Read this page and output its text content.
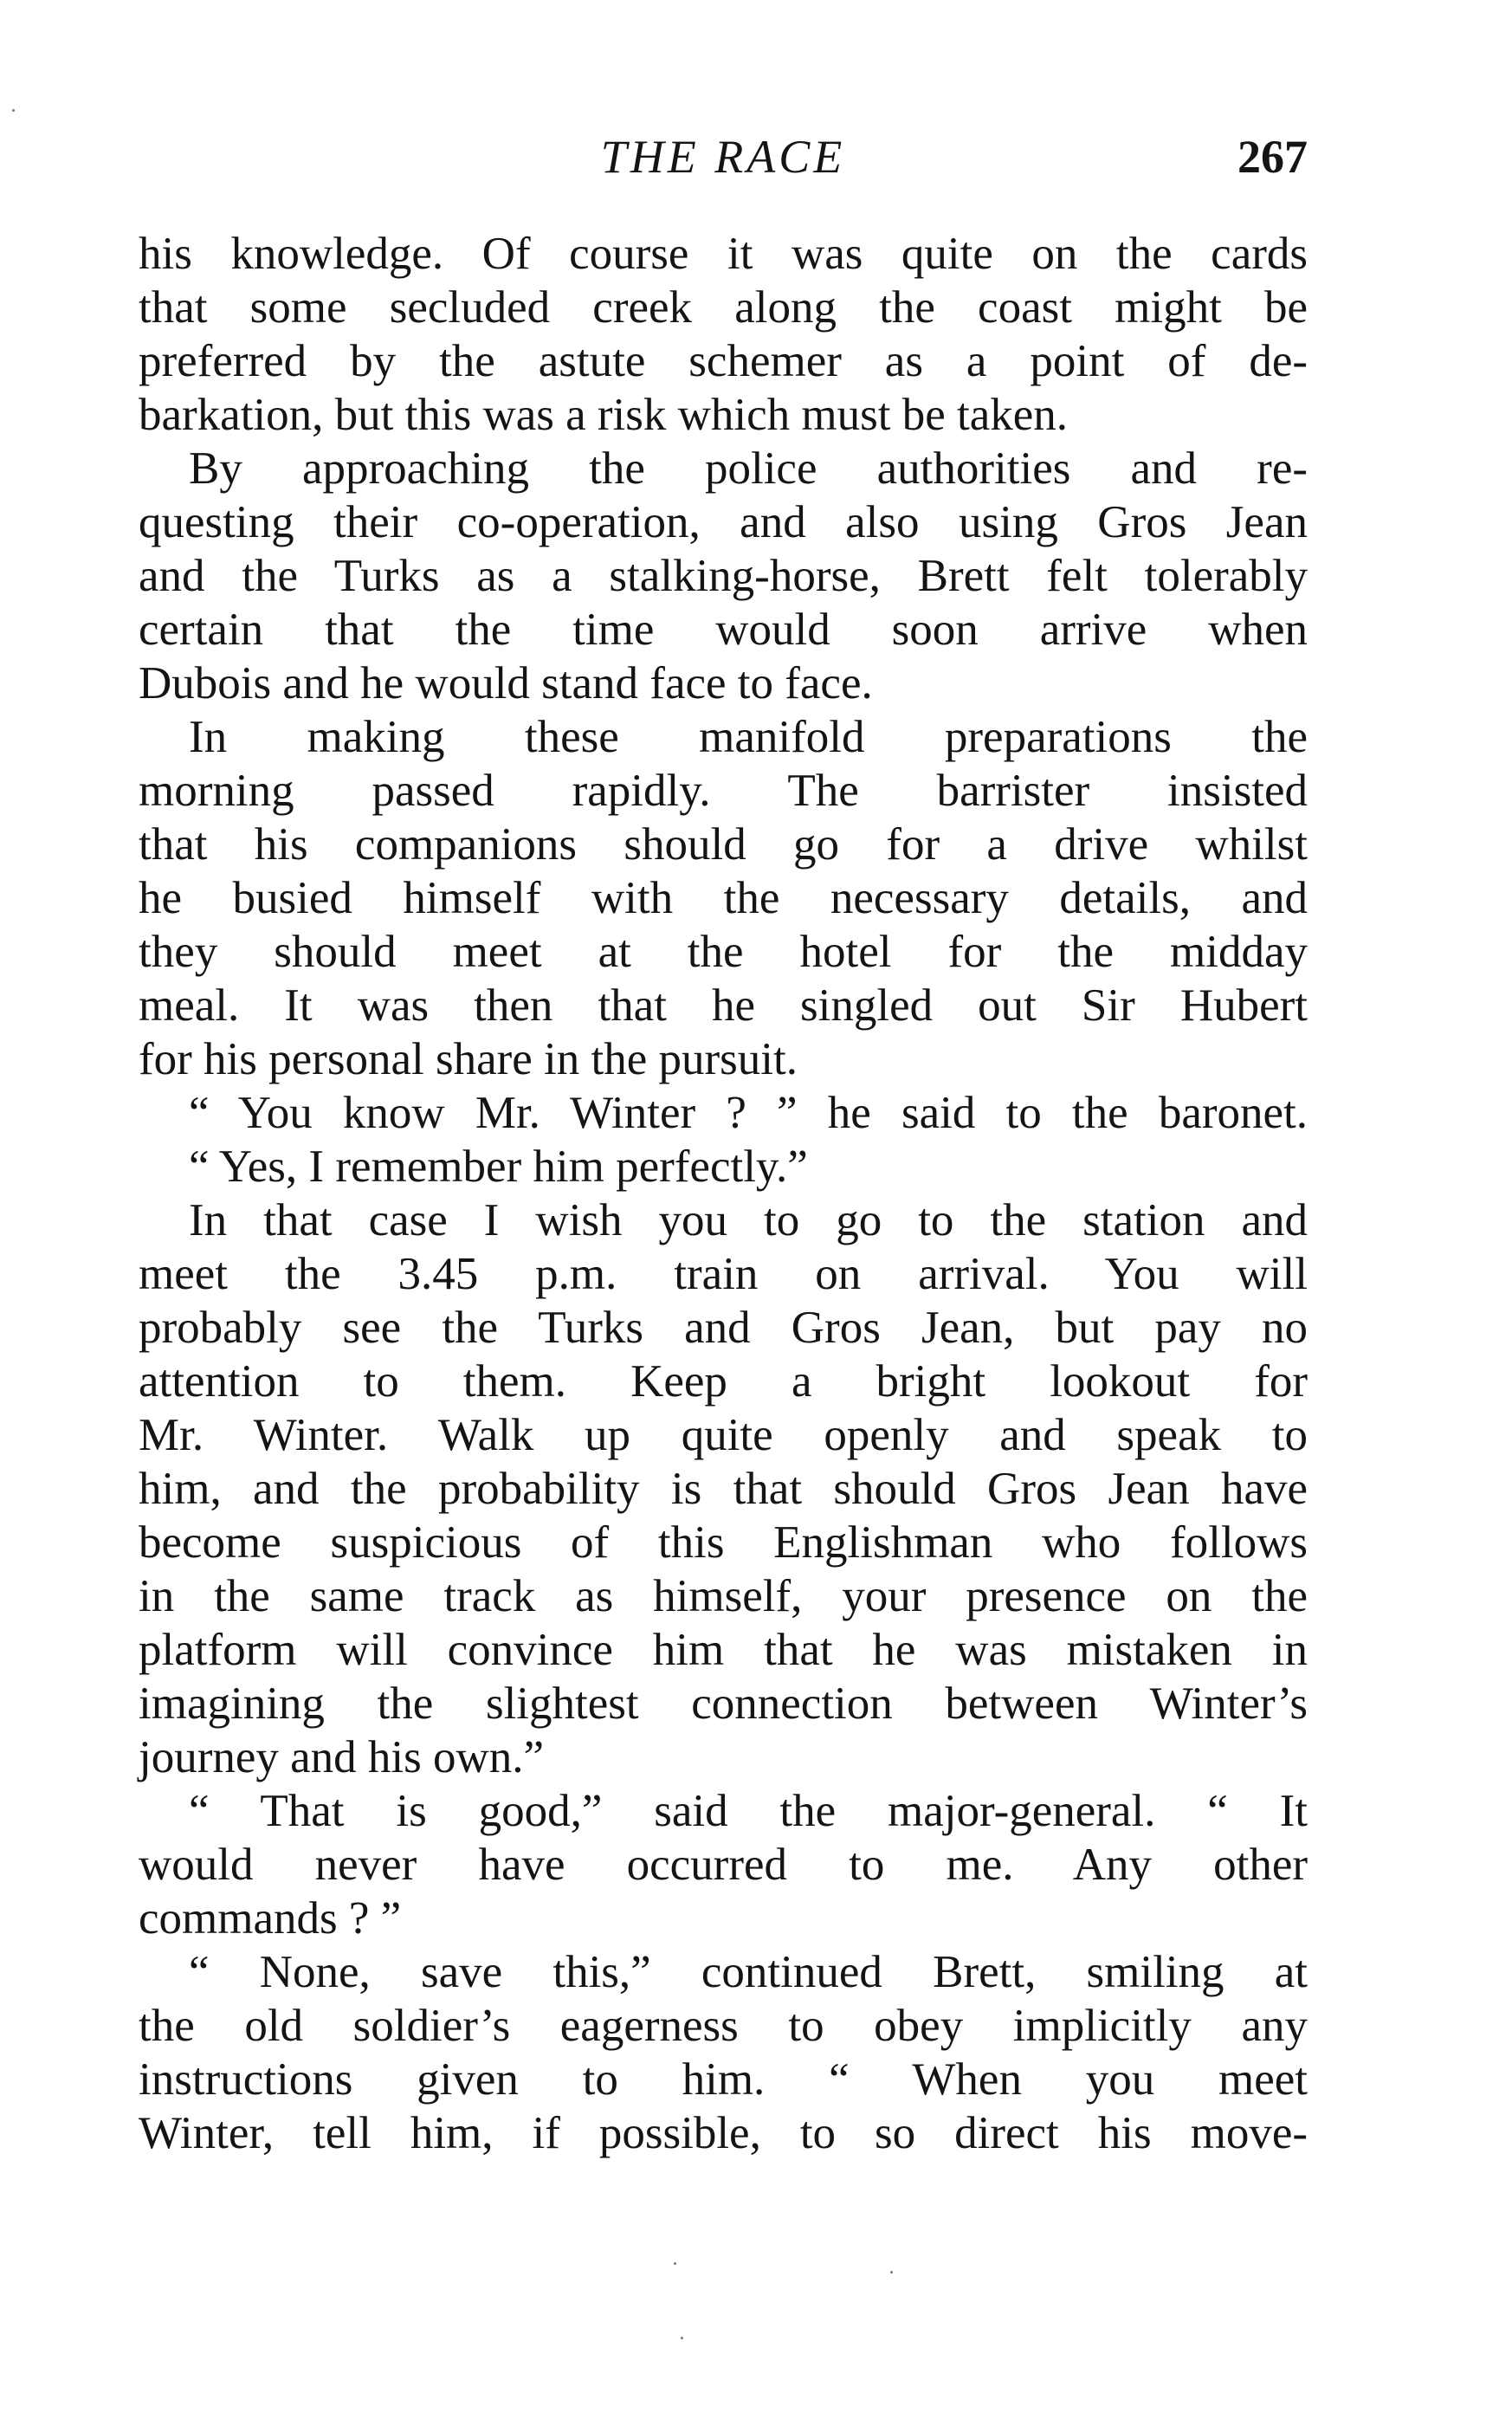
THE RACE	267
his knowledge. Of course it was quite on the cards
that some secluded creek along the coast might be
preferred by the astute schemer as a point of de-
barkation, but this was a risk which must be taken.
By approaching the police authorities and re-
questing their co-operation, and also using Gros Jean
and the Turks as a stalking-horse, Brett felt tolerably
certain that the time would soon arrive when
Dubois and he would stand face to face.
In making these manifold preparations the
morning passed rapidly. The barrister insisted
that his companions should go for a drive whilst
he busied himself with the necessary details, and
they should meet at the hotel for the midday
meal. It was then that he singled out Sir Hubert
for his personal share in the pursuit.
“ You know Mr. Winter ? ” he said to the baronet.
“ Yes, I remember him perfectly.”
In that case I wish you to go to the station and
meet the 3.45 p.m. train on arrival. You will
probably see the Turks and Gros Jean, but pay no
attention to them. Keep a bright lookout for
Mr. Winter. Walk up quite openly and speak to
him, and the probability is that should Gros Jean have
become suspicious of this Englishman who follows
in the same track as himself, your presence on the
platform will convince him that he was mistaken in
imagining the slightest connection between Winter’s
journey and his own.”
“ That is good,” said the major-general. “ It
would never have occurred to me. Any other
commands ? ”
“ None, save this,” continued Brett, smiling at
the old soldier’s eagerness to obey implicitly any
instructions given to him. “ When you meet
Winter, tell him, if possible, to so direct his move-
